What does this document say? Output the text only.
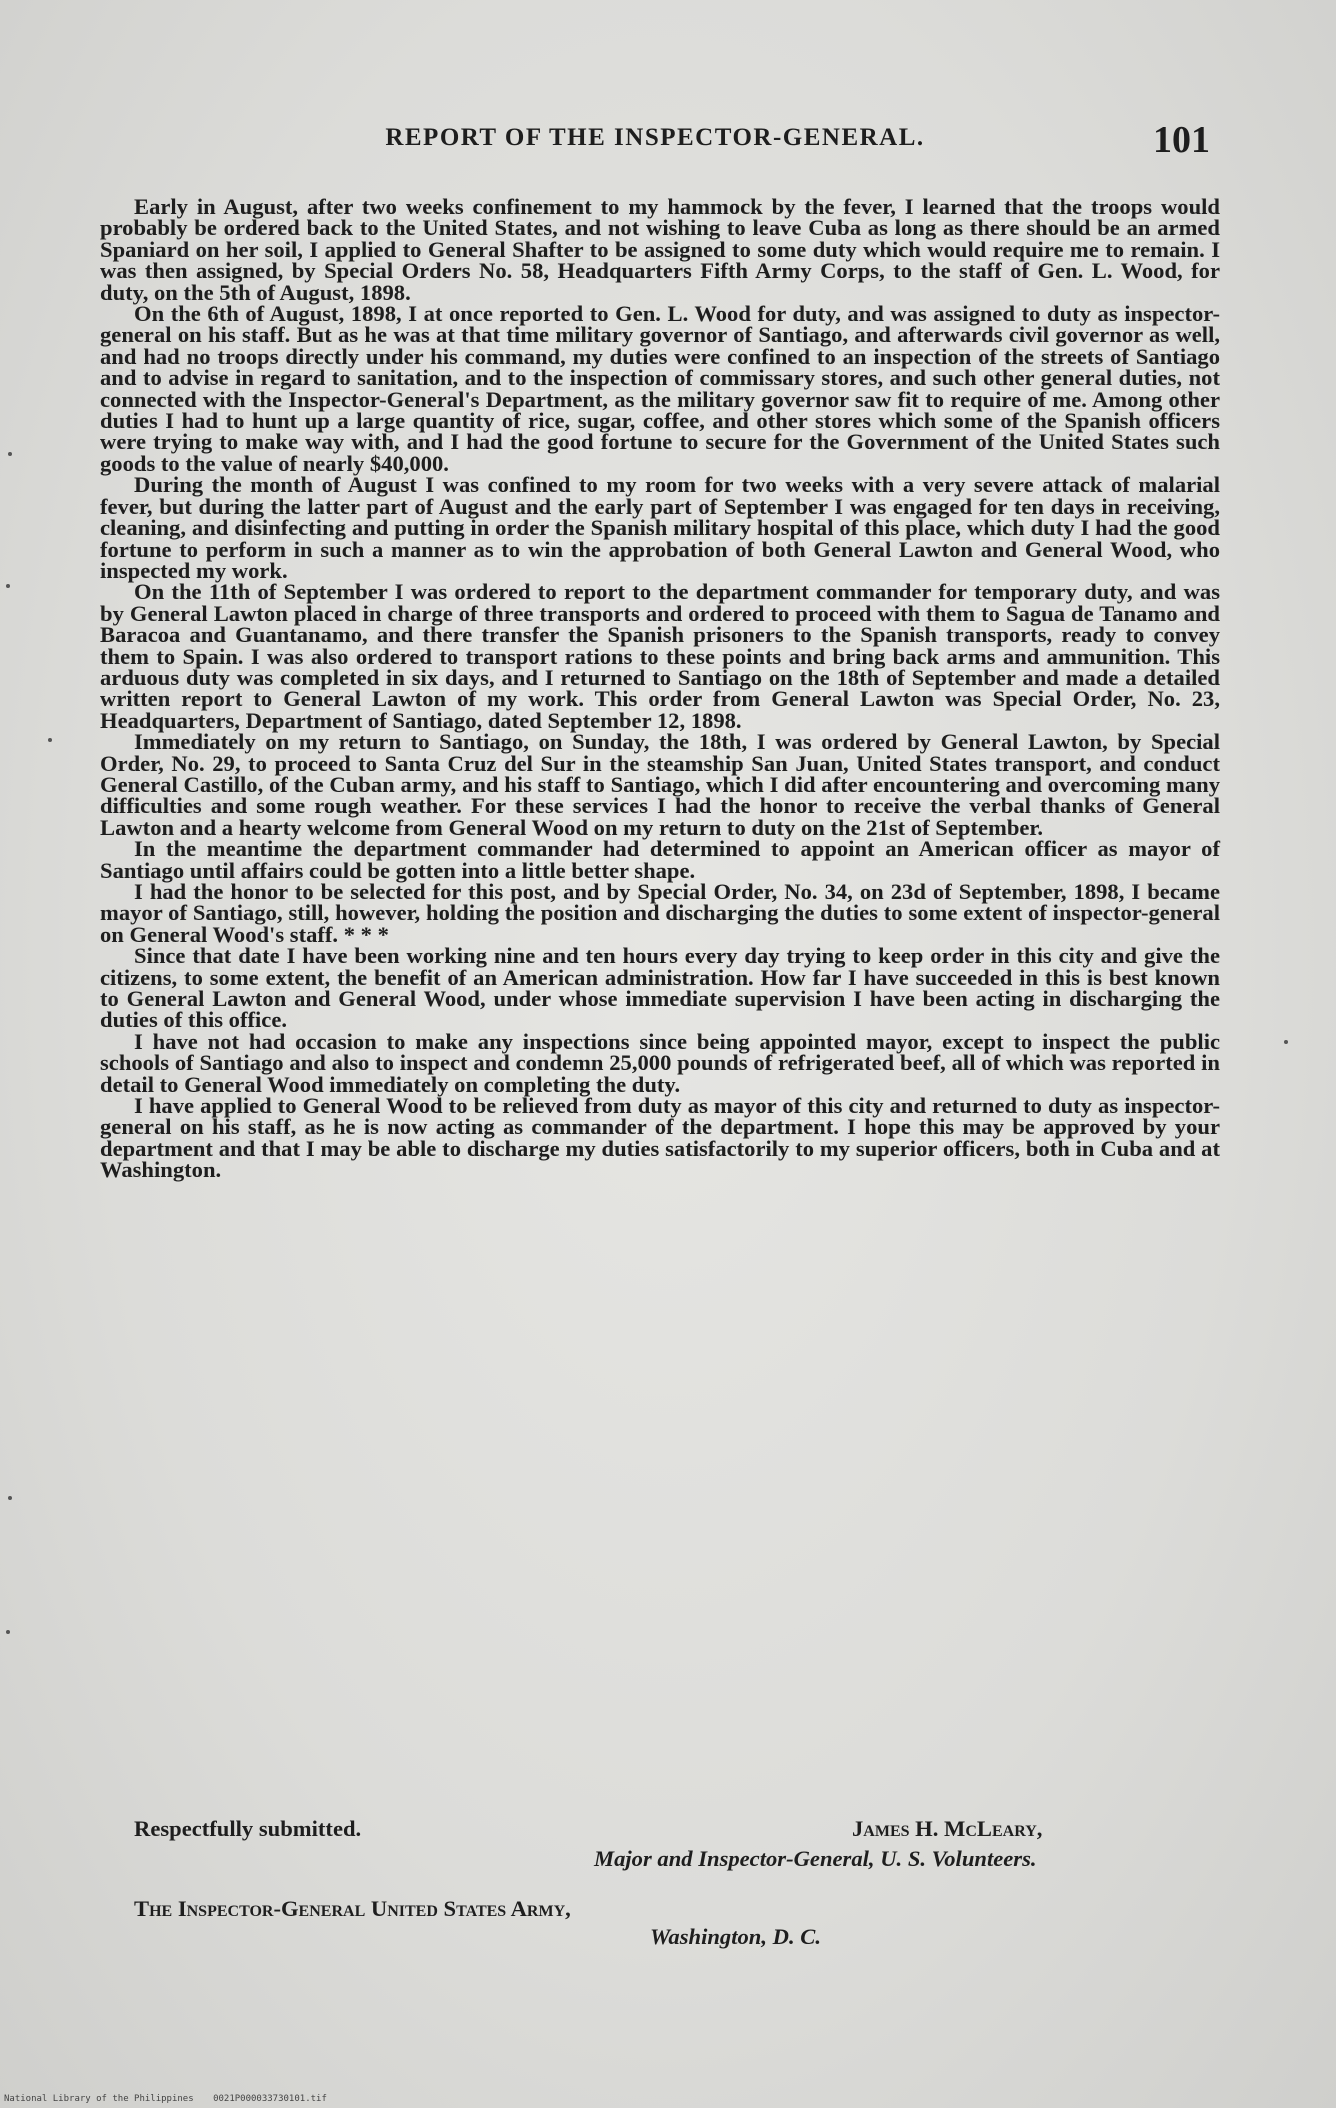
REPORT OF THE INSPECTOR-GENERAL.	101

Early in August, after two weeks confinement to my hammock by the fever, I learned that the troops would probably be ordered back to the United States, and not wishing to leave Cuba as long as there should be an armed Spaniard on her soil, I applied to General Shafter to be assigned to some duty which would require me to remain. I was then assigned, by Special Orders No. 58, Headquarters Fifth Army Corps, to the staff of Gen. L. Wood, for duty, on the 5th of August, 1898.

On the 6th of August, 1898, I at once reported to Gen. L. Wood for duty, and was assigned to duty as inspector-general on his staff. But as he was at that time military governor of Santiago, and afterwards civil governor as well, and had no troops directly under his command, my duties were confined to an inspection of the streets of Santiago and to advise in regard to sanitation, and to the inspection of commissary stores, and such other general duties, not connected with the Inspector-General's Department, as the military governor saw fit to require of me. Among other duties I had to hunt up a large quantity of rice, sugar, coffee, and other stores which some of the Spanish officers were trying to make way with, and I had the good fortune to secure for the Government of the United States such goods to the value of nearly $40,000.

During the month of August I was confined to my room for two weeks with a very severe attack of malarial fever, but during the latter part of August and the early part of September I was engaged for ten days in receiving, cleaning, and disinfecting and putting in order the Spanish military hospital of this place, which duty I had the good fortune to perform in such a manner as to win the approbation of both General Lawton and General Wood, who inspected my work.

On the 11th of September I was ordered to report to the department commander for temporary duty, and was by General Lawton placed in charge of three transports and ordered to proceed with them to Sagua de Tanamo and Baracoa and Guantanamo, and there transfer the Spanish prisoners to the Spanish transports, ready to convey them to Spain. I was also ordered to transport rations to these points and bring back arms and ammunition. This arduous duty was completed in six days, and I returned to Santiago on the 18th of September and made a detailed written report to General Lawton of my work. This order from General Lawton was Special Order, No. 23, Headquarters, Department of Santiago, dated September 12, 1898.

Immediately on my return to Santiago, on Sunday, the 18th, I was ordered by General Lawton, by Special Order, No. 29, to proceed to Santa Cruz del Sur in the steamship San Juan, United States transport, and conduct General Castillo, of the Cuban army, and his staff to Santiago, which I did after encountering and overcoming many difficulties and some rough weather. For these services I had the honor to receive the verbal thanks of General Lawton and a hearty welcome from General Wood on my return to duty on the 21st of September.

In the meantime the department commander had determined to appoint an American officer as mayor of Santiago until affairs could be gotten into a little better shape.

I had the honor to be selected for this post, and by Special Order, No. 34, on 23d of September, 1898, I became mayor of Santiago, still, however, holding the position and discharging the duties to some extent of inspector-general on General Wood's staff. * * *

Since that date I have been working nine and ten hours every day trying to keep order in this city and give the citizens, to some extent, the benefit of an American administration. How far I have succeeded in this is best known to General Lawton and General Wood, under whose immediate supervision I have been acting in discharging the duties of this office.

I have not had occasion to make any inspections since being appointed mayor, except to inspect the public schools of Santiago and also to inspect and condemn 25,000 pounds of refrigerated beef, all of which was reported in detail to General Wood immediately on completing the duty.

I have applied to General Wood to be relieved from duty as mayor of this city and returned to duty as inspector-general on his staff, as he is now acting as commander of the department. I hope this may be approved by your department and that I may be able to discharge my duties satisfactorily to my superior officers, both in Cuba and at Washington.

Respectfully submitted.	James H. McLeary,
Major and Inspector-General, U. S. Volunteers.
The Inspector-General United States Army,
Washington, D. C.
National Library of the Philippines 0021P000033730101.tif
